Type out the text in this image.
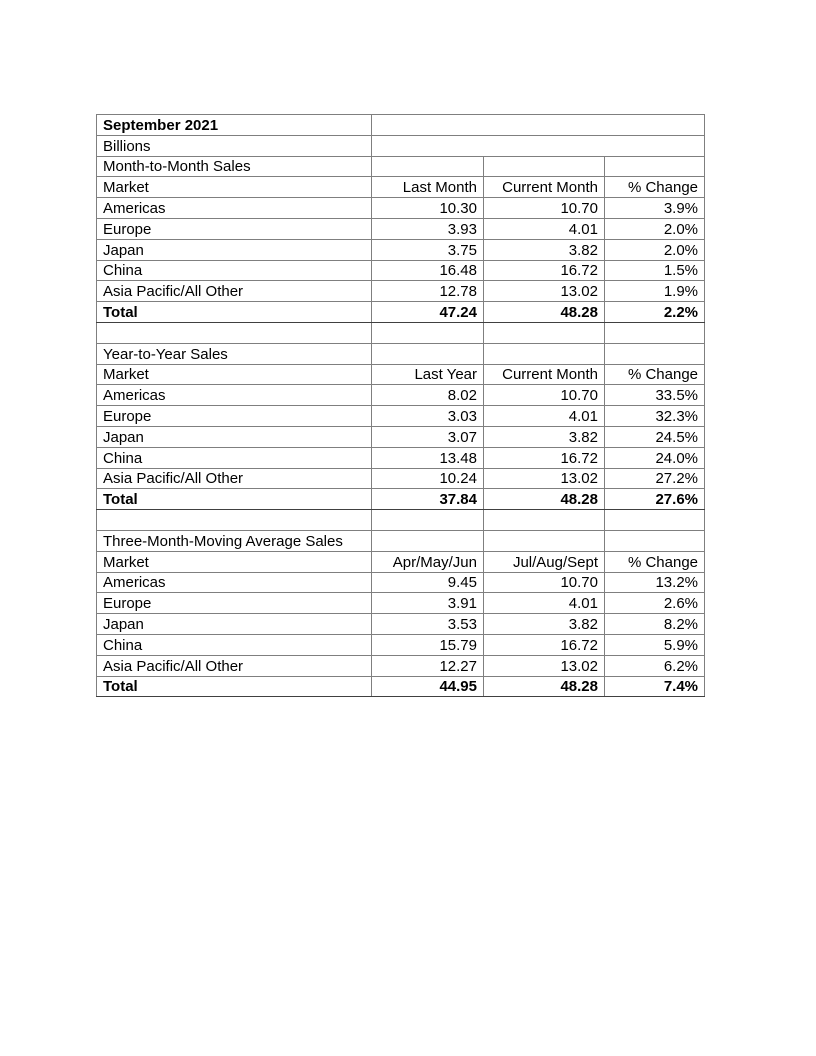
September 2021			
Billions			
Month-to-Month Sales			
Market	Last Month	Current Month	% Change
Americas	10.30	10.70	3.9%
Europe	3.93	4.01	2.0%
Japan	3.75	3.82	2.0%
China	16.48	16.72	1.5%
Asia Pacific/All Other	12.78	13.02	1.9%
Total	47.24	48.28	2.2%

Year-to-Year Sales			
Market	Last Year	Current Month	% Change
Americas	8.02	10.70	33.5%
Europe	3.03	4.01	32.3%
Japan	3.07	3.82	24.5%
China	13.48	16.72	24.0%
Asia Pacific/All Other	10.24	13.02	27.2%
Total	37.84	48.28	27.6%

Three-Month-Moving Average Sales			
Market	Apr/May/Jun	Jul/Aug/Sept	% Change
Americas	9.45	10.70	13.2%
Europe	3.91	4.01	2.6%
Japan	3.53	3.82	8.2%
China	15.79	16.72	5.9%
Asia Pacific/All Other	12.27	13.02	6.2%
Total	44.95	48.28	7.4%
